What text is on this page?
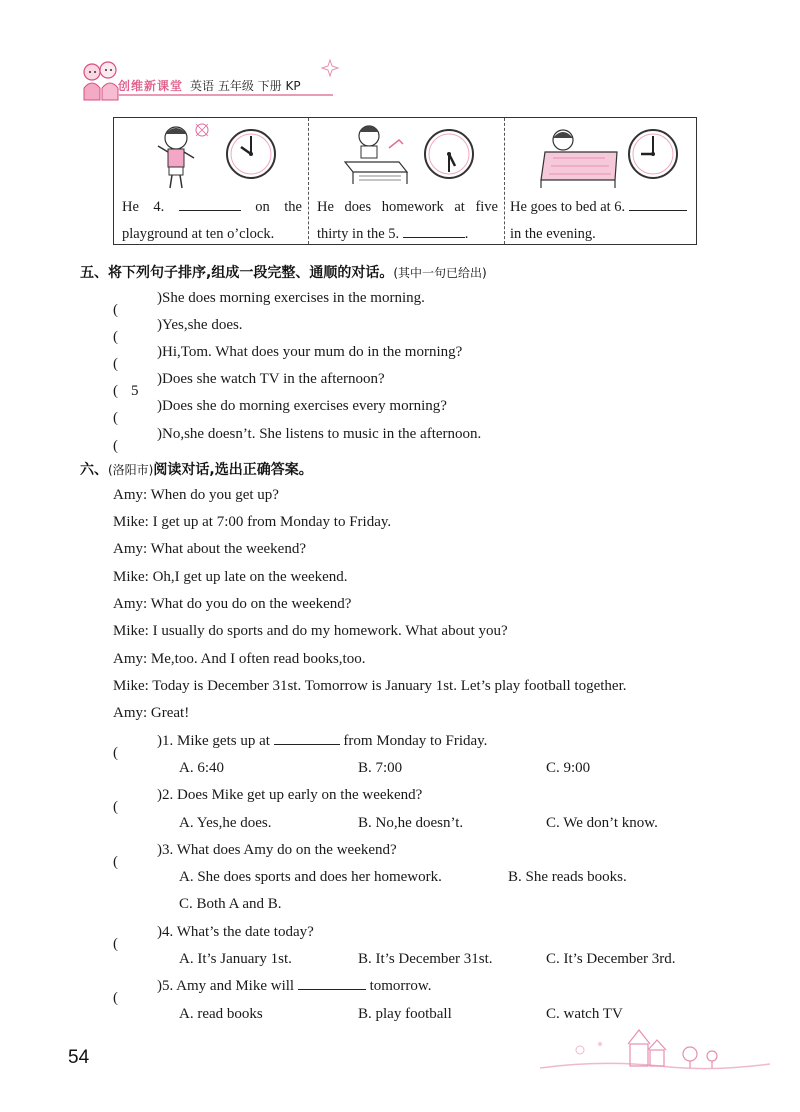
创维新课堂 英语 五年级 下册 KP
He 4.	on the playground at ten o’clock.
He does homework at five thirty in the 5.	.
He goes to bed at 6.  in the evening.
五、将下列句子排序,组成一段完整、通顺的对话。(其中一句已给出)
(
)She does morning exercises in the morning.
(
)Yes,she does.
(
)Hi,Tom. What does your mum do in the morning?
( 5
)Does she watch TV in the afternoon?
(
)Does she do morning exercises every morning?
(
)No,she doesn’t. She listens to music in the afternoon.
六、(洛阳市)阅读对话,选出正确答案。
Amy: When do you get up?
Mike: I get up at 7:00 from Monday to Friday.
Amy: What about the weekend?
Mike: Oh,I get up late on the weekend.
Amy: What do you do on the weekend?
Mike: I usually do sports and do my homework. What about you?
Amy: Me,too. And I often read books,too.
Mike: Today is December 31st. Tomorrow is January 1st. Let’s play football together.
Amy: Great!
(
)1. Mike gets up at	from Monday to Friday.
A. 6:40	B. 7:00	C. 9:00
(
)2. Does Mike get up early on the weekend?
A. Yes,he does.	B. No,he doesn’t.	C. We don’t know.
(
)3. What does Amy do on the weekend?
A. She does sports and does her homework.	B. She reads books.
C. Both A and B.
(
)4. What’s the date today?
A. It’s January 1st.	B. It’s December 31st.	C. It’s December 3rd.
(
)5. Amy and Mike will	tomorrow.
A. read books	B. play football	C. watch TV
54
